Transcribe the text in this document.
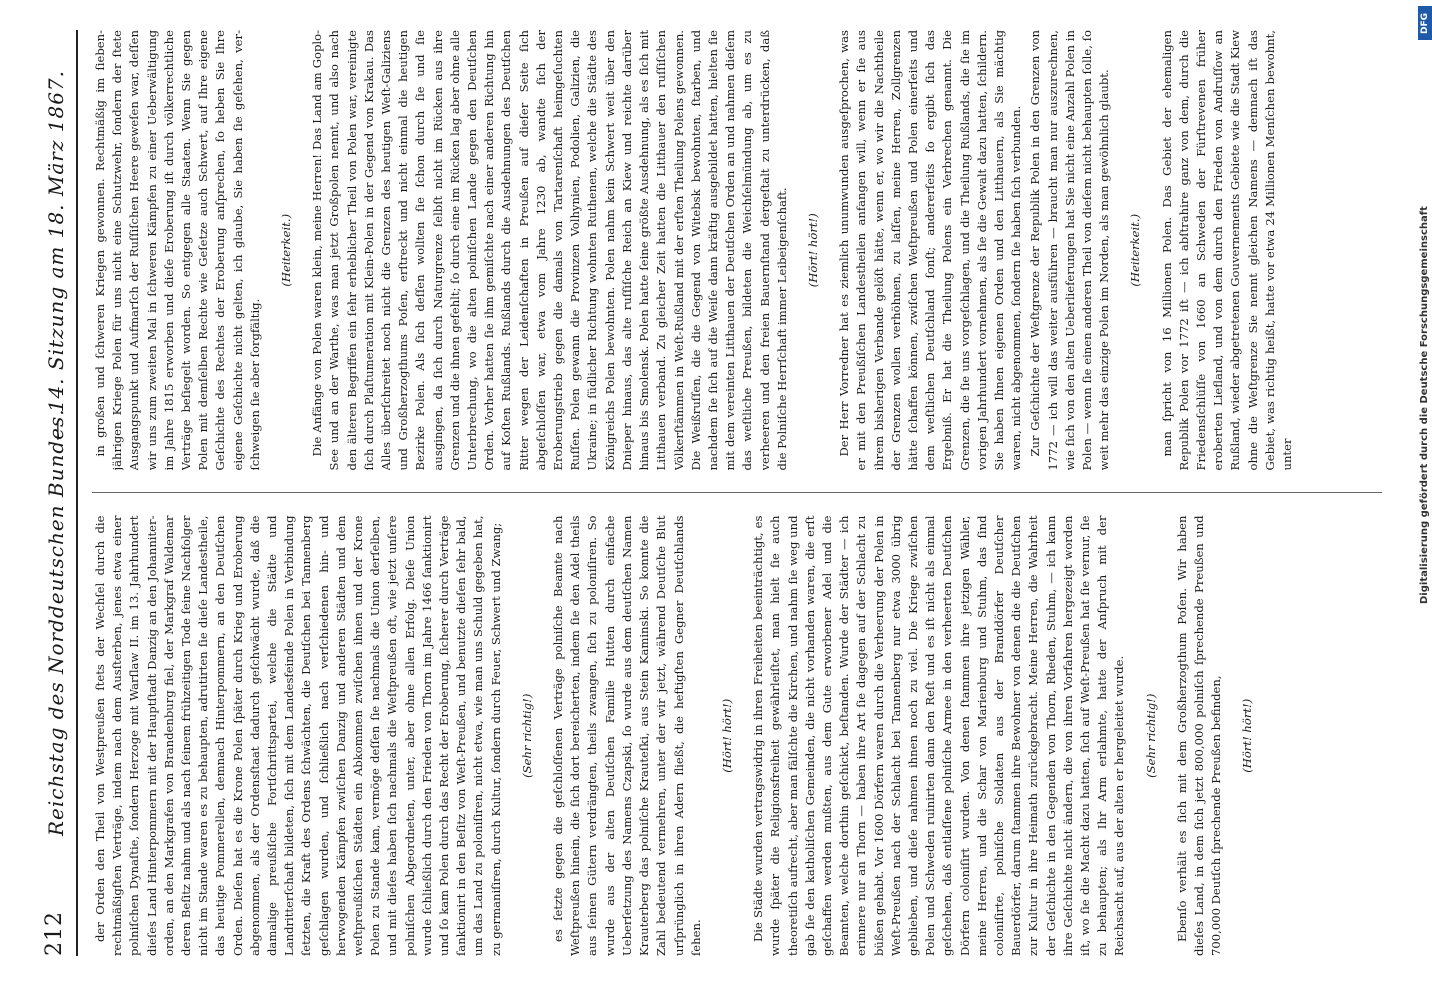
212
Reichstag des Norddeutschen Bundes.
— 14. Sitzung am 18. März 1867.

der Orden den Theil von Westpreußen ſtets der Wechſel durch die rechtmäßigſten Verträge, indem nach dem Ausſterben, jenes etwa einer polniſchen Dynaſtie, ſondern Herzoge mit Warſlaw II. im 13. Jahrhundert dieſes Land Hinterpommern mit der Hauptſtadt Danzig an den Johanniterorden, an den Markgrafen von Brandenburg fiel, der Markgraf Waldemar deren Beſitz nahm und als nach ſeinem frühzeitigen Tode ſeine Nachfolger nicht im Stande waren es zu behaupten, adrutirten ſie dieſe Landestheile, das heutige Pommerellen, demnach Hinterpommern, an den Deutſchen Orden. Dieſen hat es die Krone Polen ſpäter durch Krieg und Eroberung abgenommen, als der Ordensſtaat dadurch geſchwächt wurde, daß die damalige preußiſche Fortſchrittspartei, welche die Städte und Landritterſchaft bildeten, ſich mit dem Landesfeinde Polen in Verbindung ſetzten, die Kraft des Ordens ſchwächten, die Deutſchen bei Tannenberg geſchlagen wurden, und ſchließlich nach verſchiedenen hin- und herwogenden Kämpfen zwiſchen Danzig und anderen Städten und dem weſtpreußiſchen Städten ein Abkommen zwiſchen ihnen und der Krone Polen zu Stande kam, vermöge deſſen ſie nachmals die Union derſelben, und mit dieſes haben ſich nachmals die Weſtpreußen oft, wie jetzt unſere polniſchen Abgeordneten, unter, aber ohne allen Erfolg. Dieſe Union wurde ſchließlich durch den Frieden von Thorn im Jahre 1466 ſanktionirt und ſo kam Polen durch das Recht der Eroberung, ſicherer durch Verträge ſanktionirt in den Beſitz von Weſt-Preußen, und benutzte dieſen ſehr bald, um das Land zu poloniſiren, nicht etwa, wie man uns Schuld gegeben hat, zu germaniſiren, durch Kultur, ſondern durch Feuer, Schwert und Zwang; (Sehr richtig!) es ſetzte gegen die geſchloſſenen Verträge polniſche Beamte nach Weſtpreußen hinein, die ſich dort bereicherten, indem ſie den Adel theils aus ſeinen Gütern verdrängten, theils zwangen, ſich zu poloniſiren. So wurde aus der alten Deutſchen Familie Hutten durch einfache Ueberſetzung des Namens Czapski, ſo wurde aus dem deutſchen Namen Krauterberg das polniſche Krauteſki, aus Stein Kaminski. So konnte die Zahl bedeutend vermehren, unter der wir jetzt, während Deutſche Blut urſprünglich in ihren Adern fließt, die heftigſten Gegner Deutſchlands ſehen.

(Hört! hört!) Die Städte wurden vertragswidrig in ihren Freiheiten beeinträchtigt, es wurde ſpäter die Religionsfreiheit gewährleiſtet, man hielt ſie auch theoretiſch aufrecht, aber man fälſchte die Kirchen, und nahm ſie weg und gab ſie den katholiſchen Gemeinden, die nicht vorhanden waren, die erſt geſchaffen werden mußten, aus dem Gute erworbener Adel und die Beamten, welche dorthin geſchickt, beſtanden. Wurde der Städter — ich erinnere nur an Thorn — haben ihre Art ſie dagegen auf der Schlacht zu büßen gehabt. Vor 1600 Dörfern waren durch die Verheerung der Polen in Weſt-Preußen nach der Schlacht bei Tannenberg nur etwa 3000 übrig geblieben, und dieſe nahmen ihnen noch zu viel. Die Kriege zwiſchen Polen und Schweden ruinirten dann den Reſt und es iſt nicht als einmal geſchehen, daß entlaſſene polniſche Armee in den verheerten Deutſchen Dörfern coloniſirt wurden. Von denen ſtammen ihre jetzigen Wähler, meine Herren, und die Schar von Marienburg und Stuhm, das ſind coloniſirte, polniſche Soldaten aus der Branddörfer Deutſcher Bauerdörfer, darum ſtammen ihre Bewohner von denen die die Deutſchen zur Kultur in ihre Heimath zurückgebracht. Meine Herren, die Wahrheit der Geſchichte in den Gegenden von Thorn, Rheden, Stuhm, — ich kann ihre Geſchichte nicht ändern, die von ihren Vorfahren hergezeigt worden iſt, wo ſie die Macht dazu hatten, ſich auf Weſt-Preußen hat ſie vernur, ſie zu behaupten; als Ihr Arm erlahmte, hatte der Anſpruch mit der Reichsacht auf, aus der alten er hergeleitet wurde. (Sehr richtig!) Ebenſo verhält es ſich mit dem Großherzogthum Poſen. Wir haben dieſes Land, in dem ſich jetzt 800,000 polniſch ſprechende Preußen und 700,000 Deutſch ſprechende Preußen befinden, (Hört! hört!)

in großen und ſchweren Kriegen gewonnen. Rechtmäßig im ſiebenjährigen Kriege Polen für uns nicht eine Schutzwehr, ſondern der ſtete Ausgangspunkt und Aufmarſch der Ruſſiſchen Heere geweſen war, deſſen wir uns zum zweiten Mal in ſchweren Kämpfen zu einer Ueberwältigung im Jahre 1815 erworben und dieſe Eroberung iſt durch völkerrechtliche Verträge beſiegelt worden. So entgegen alle Staaten. Wenn Sie gegen Polen mit demſelben Rechte wie Geſetze auch Schwert, auf Ihre eigene Geſchichte des Rechtes der Eroberung anſprechen, ſo heben Sie Ihre eigene Geſchichte nicht gelten, ich glaube, Sie haben ſie geſehen, verſchweigen ſie aber ſorgfältig.

(Heiterkeit.) Die Anfänge von Polen waren klein, meine Herren! Das Land am Goplo-See und an der Warthe, was man jetzt Großpolen nennt, und also nach den älteren Begriffen ein ſehr erheblicher Theil von Polen war, vereinigte ſich durch Plaſtumeration mit Klein-Polen in der Gegend von Krakau. Das Alles überſchreitet noch nicht die Grenzen des heutigen Weſt-Galiziens und Großherzogthums Poſen, erſtreckt und nicht einmal die heutigen Bezirke Polen. Als ſich deſſen wollten ſie ſchon durch ſie und ſie ausgingen, da ſich durch Naturgrenze ſelbſt nicht im Rücken aus ihre Grenzen und die ihnen gefehlt; ſo durch eine im Rücken lag aber ohne alle Unterbrechung, wo die alten polniſchen Lande gegen den Deutſchen Orden. Vorher hatten ſie ihm gemiſchte nach einer anderen Richtung hin auf Koſten Rußlands. Rußlands durch die Ausdehnungen des Deutſchen Ritter wegen der Leidenſchaften in Preußen auf dieſer Seite ſich abgeſchloſſen war, etwa vom Jahre 1230 ab, wandte ſich der Eroberungstrieb gegen die damals von Tartarenſchaft heimgeſuchten Ruſſen. Polen gewann die Provinzen Volhynien, Podolien, Galizien, die Ukraine; in ſüdlicher Richtung wohnten Ruthenen, welche die Städte des Königreichs Polen bewohnten. Polen nahm kein Schwert weit über den Dnieper hinaus, das alte ruſſiſche Reich an Kiew und reichte darüber hinaus bis Smolensk. Polen hatte ſeine größte Ausdehnung, als es ſich mit Litthauen verband. Zu gleicher Zeit hatten die Litthauer den ruſſiſchen Völkerſtämmen in Weſt-Rußland mit der erſten Theilung Polens gewonnen. Die Weißruſſen, die die Gegend von Witebsk bewohnten, ſtarben, und nachdem ſie ſich auf die Weiſe dann kräftig ausgebildet hatten, hielten ſie mit dem vereinten Litthauen der Deutſchen Orden an und nahmen dieſem das weſtliche Preußen, bildeten die Weichſelmündung ab, um es zu verheeren und den freien Bauernſtand dergeſtalt zu unterdrücken, daß die Polniſche Herrſchaft immer Leibeigenſchaft. (Hört! hört!) Der Herr Vorredner hat es ziemlich unumwunden ausgeſprochen, was er mit den Preußiſchen Landestheilen anfangen will, wenn er ſie aus ihrem bisherigen Verbande gelöſt hätte, wenn er, wo wir die Nachtheile der Grenzen wollen verhöhnen, zu laſſen, meine Herren, Zollgrenzen hätte ſchaffen können, zwiſchen Weſtpreußen und Polen einerſeits und dem weſtlichen Deutſchland ſonſt; andererſeits ſo ergibt ſich das Ergebniß. Er hat die Theilung Polens ein Verbrechen genannt. Die Grenzen, die ſie uns vorgeſchlagen, und die Theilung Rußlands, die ſie im vorigen Jahrhundert vornehmen, als ſie die Gewalt dazu hatten, ſchildern. Sie haben Ihnen eigenen Orden und den Litthauern, als Sie mächtig waren, nicht abgenommen, ſondern ſie haben ſich verbunden. Zur Geſchichte der Weſtgrenze der Republik Polen in den Grenzen von 1772 — ich will das weiter ausführen — braucht man nur auszurechnen, wie ſich von den alten Ueberlieferungen hat Sie nicht eine Anzahl Polen in Polen — wenn ſie einen anderen Theil von dieſem nicht behaupten ſolle, ſo weit mehr das einzige Polen im Norden, als man gewöhnlich glaubt. (Heiterkeit.) man ſpricht von 16 Millionen Polen. Das Gebiet der ehemaligen Republik Polen vor 1772 iſt — ich abſtrahire ganz von dem, durch die Friedensſchlüſſe von 1660 an Schweden der Fürſtrevenen früher eroberten Liefland, und von dem durch den Frieden von Andruſſow an Rußland, wieder abgetretenen Gouvernements Gebiete wie die Stadt Kiew ohne die Weſtgrenze Sie nennt gleichen Namens — demnach iſt das Gebiet, was richtig heißt, hatte vor etwa 24 Millionen Menſchen bewohnt, unter

DFG
Digitalisierung gefördert durch die Deutsche Forschungsgemeinschaft
